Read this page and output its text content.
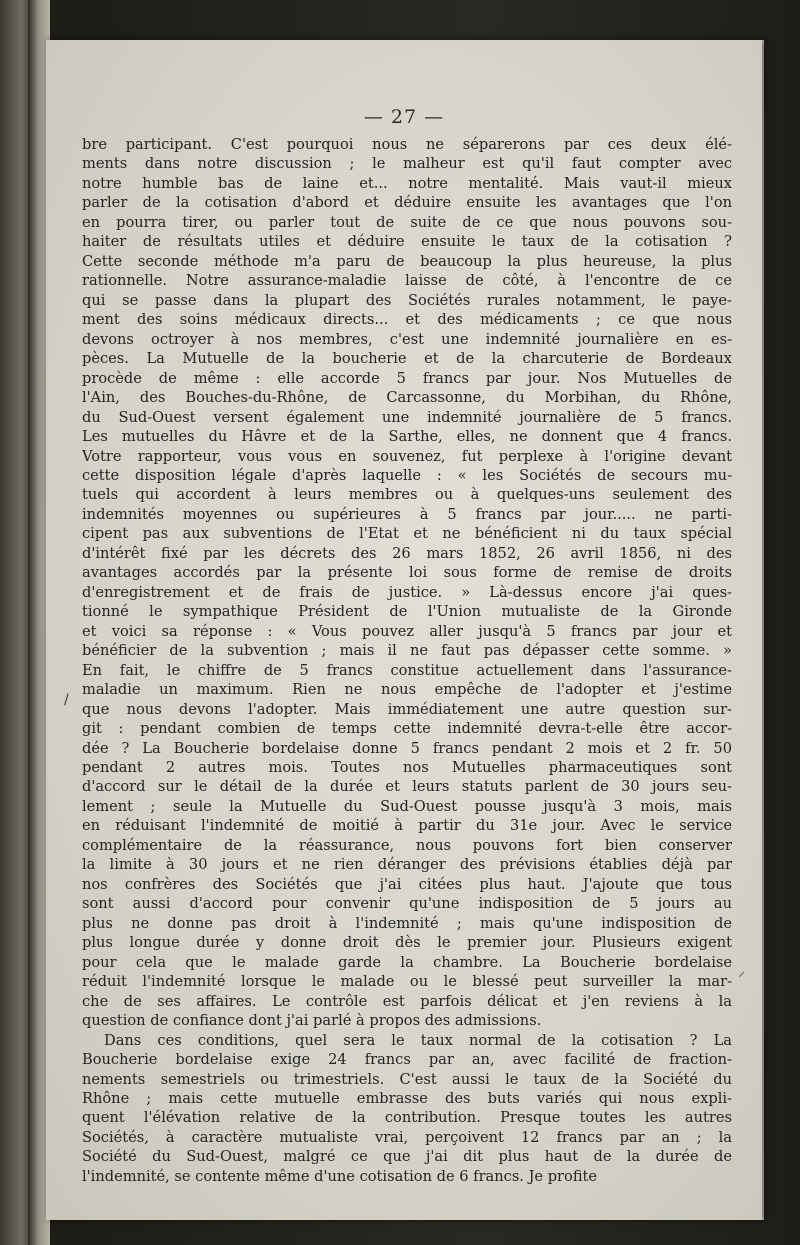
— 27 —
bre participant. C'est pourquoi nous ne séparerons par ces deux élé-
ments dans notre discussion ; le malheur est qu'il faut compter avec
notre humble bas de laine et... notre mentalité. Mais vaut-il mieux
parler de la cotisation d'abord et déduire ensuite les avantages que l'on
en pourra tirer, ou parler tout de suite de ce que nous pouvons sou-
haiter de résultats utiles et déduire ensuite le taux de la cotisation ?
Cette seconde méthode m'a paru de beaucoup la plus heureuse, la plus
rationnelle. Notre assurance-maladie laisse de côté, à l'encontre de ce
qui se passe dans la plupart des Sociétés rurales notamment, le paye-
ment des soins médicaux directs... et des médicaments ; ce que nous
devons octroyer à nos membres, c'est une indemnité journalière en es-
pèces. La Mutuelle de la boucherie et de la charcuterie de Bordeaux
procède de même : elle accorde 5 francs par jour. Nos Mutuelles de
l'Ain, des Bouches-du-Rhône, de Carcassonne, du Morbihan, du Rhône,
du Sud-Ouest versent également une indemnité journalière de 5 francs.
Les mutuelles du Hâvre et de la Sarthe, elles, ne donnent que 4 francs.
Votre rapporteur, vous vous en souvenez, fut perplexe à l'origine devant
cette disposition légale d'après laquelle : « les Sociétés de secours mu-
tuels qui accordent à leurs membres ou à quelques-uns seulement des
indemnités moyennes ou supérieures à 5 francs par jour..... ne parti-
cipent pas aux subventions de l'Etat et ne bénéficient ni du taux spécial
d'intérêt fixé par les décrets des 26 mars 1852, 26 avril 1856, ni des
avantages accordés par la présente loi sous forme de remise de droits
d'enregistrement et de frais de justice. » Là-dessus encore j'ai ques-
tionné le sympathique Président de l'Union mutualiste de la Gironde
et voici sa réponse : « Vous pouvez aller jusqu'à 5 francs par jour et
bénéficier de la subvention ; mais il ne faut pas dépasser cette somme. »
En fait, le chiffre de 5 francs constitue actuellement dans l'assurance-
maladie un maximum. Rien ne nous empêche de l'adopter et j'estime
que nous devons l'adopter. Mais immédiatement une autre question sur-
git : pendant combien de temps cette indemnité devra-t-elle être accor-
dée ? La Boucherie bordelaise donne 5 francs pendant 2 mois et 2 fr. 50
pendant 2 autres mois. Toutes nos Mutuelles pharmaceutiques sont
d'accord sur le détail de la durée et leurs statuts parlent de 30 jours seu-
lement ; seule la Mutuelle du Sud-Ouest pousse jusqu'à 3 mois, mais
en réduisant l'indemnité de moitié à partir du 31e jour. Avec le service
complémentaire de la réassurance, nous pouvons fort bien conserver
la limite à 30 jours et ne rien déranger des prévisions établies déjà par
nos confrères des Sociétés que j'ai citées plus haut. J'ajoute que tous
sont aussi d'accord pour convenir qu'une indisposition de 5 jours au
plus ne donne pas droit à l'indemnité ; mais qu'une indisposition de
plus longue durée y donne droit dès le premier jour. Plusieurs exigent
pour cela que le malade garde la chambre. La Boucherie bordelaise
réduit l'indemnité lorsque le malade ou le blessé peut surveiller la mar-
che de ses affaires. Le contrôle est parfois délicat et j'en reviens à la
question de confiance dont j'ai parlé à propos des admissions.
Dans ces conditions, quel sera le taux normal de la cotisation ? La
Boucherie bordelaise exige 24 francs par an, avec facilité de fraction-
nements semestriels ou trimestriels. C'est aussi le taux de la Société du
Rhône ; mais cette mutuelle embrasse des buts variés qui nous expli-
quent l'élévation relative de la contribution. Presque toutes les autres
Sociétés, à caractère mutualiste vrai, perçoivent 12 francs par an ; la
Société du Sud-Ouest, malgré ce que j'ai dit plus haut de la durée de
l'indemnité, se contente même d'une cotisation de 6 francs. Je profite
/
⸝
